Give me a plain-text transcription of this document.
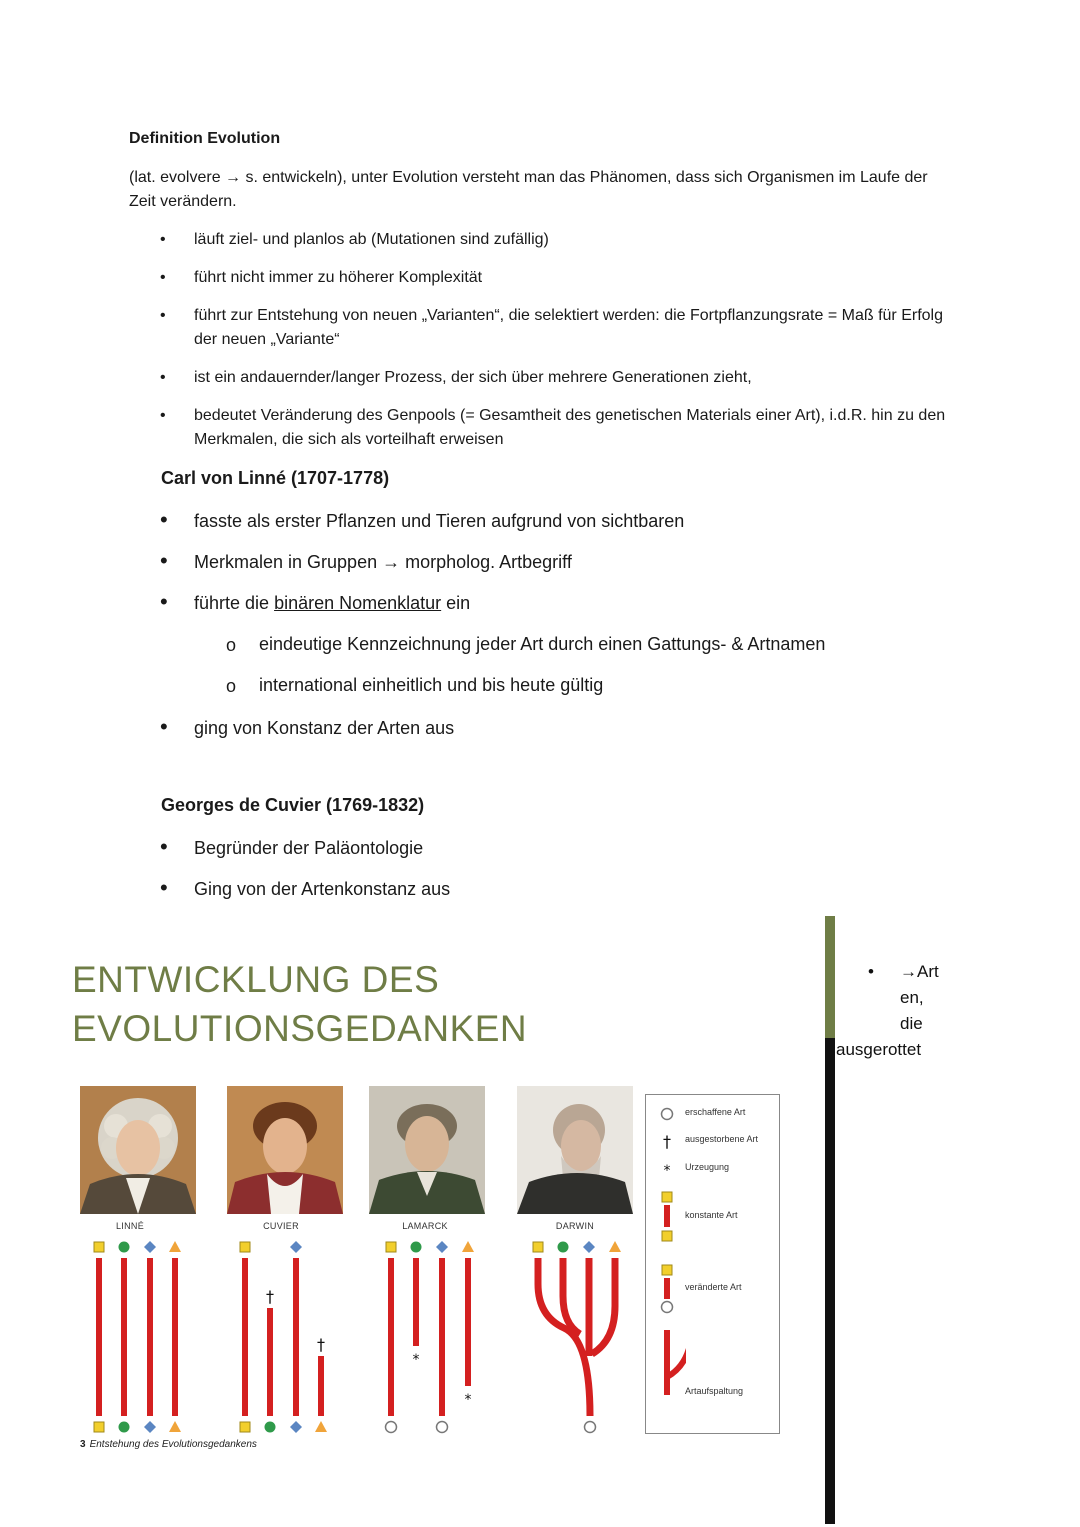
Definition Evolution
(lat. evolvere → s. entwickeln), unter Evolution versteht man das Phänomen, dass sich Organismen im Laufe der Zeit verändern.
• läuft ziel- und planlos ab (Mutationen sind zufällig)
• führt nicht immer zu höherer Komplexität
• führt zur Entstehung von neuen „Varianten“, die selektiert werden: die Fortpflanzungsrate = Maß für Erfolg der neuen „Variante“
• ist ein andauernder/langer Prozess, der sich über mehrere Generationen zieht,
• bedeutet Veränderung des Genpools (= Gesamtheit des genetischen Materials einer Art), i.d.R. hin zu den Merkmalen, die sich als vorteilhaft erweisen
Carl von Linné (1707-1778)
• fasste als erster Pflanzen und Tieren aufgrund von sichtbaren
• Merkmalen in Gruppen → morpholog. Artbegriff
• führte die binären Nomenklatur ein
o eindeutige Kennzeichnung jeder Art durch einen Gattungs- & Artnamen
o international einheitlich und bis heute gültig
• ging von Konstanz der Arten aus
Georges de Cuvier (1769-1832)
• Begründer der Paläontologie
• Ging von der Artenkonstanz aus
ENTWICKLUNG DES
EVOLUTIONSGEDANKEN
• →Art
en,
die
ausgerottet
LINNÉ	CUVIER	LAMARCK	DARWIN
†
†
*
*
†
*
erschaffene Art
ausgestorbene Art
Urzeugung
konstante Art
veränderte Art
Artaufspaltung
3 Entstehung des Evolutionsgedankens
